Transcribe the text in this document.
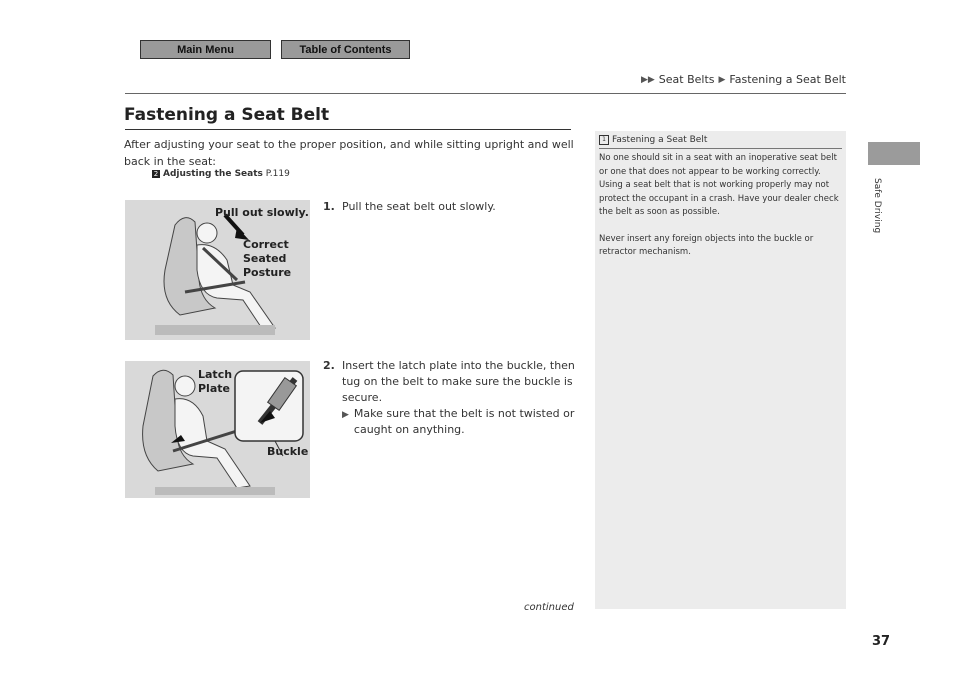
Main Menu	Table of Contents
▶▶ Seat Belts ▶ Fastening a Seat Belt
Fastening a Seat Belt
After adjusting your seat to the proper position, and while sitting upright and well back in the seat:
2 Adjusting the Seats P.119
Pull out slowly.
Correct
Seated
Posture
Latch
Plate
Buckle
1. Pull the seat belt out slowly.
2. Insert the latch plate into the buckle, then tug on the belt to make sure the buckle is secure.
▶ Make sure that the belt is not twisted or caught on anything.
continued
1 Fastening a Seat Belt

No one should sit in a seat with an inoperative seat belt or one that does not appear to be working correctly. Using a seat belt that is not working properly may not protect the occupant in a crash. Have your dealer check the belt as soon as possible.

Never insert any foreign objects into the buckle or retractor mechanism.

Safe Driving
37
